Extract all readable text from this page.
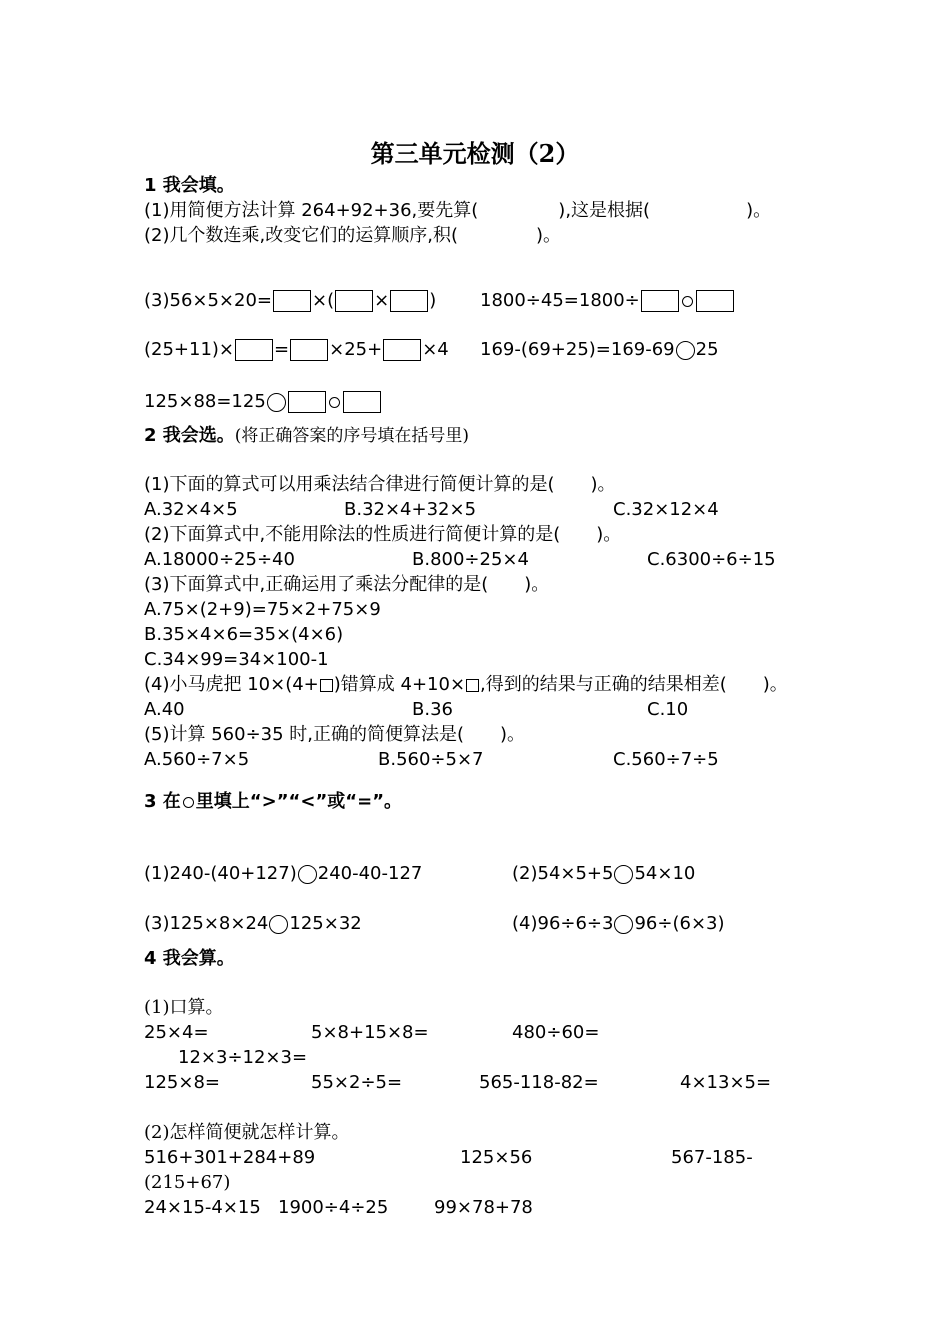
第三单元检测（2）
1 我会填。
(1)用简便方法计算 264+92+36,要先算(	),这是根据(	)。
(2)几个数连乘,改变它们的运算顺序,积(	)。
(3)56×5×20= ×( × ) 1800÷45=1800÷
(25+11)× = ×25+ ×4 169-(69+25)=169-69 25
125×88=125
2 我会选。(将正确答案的序号填在括号里)
(1)下面的算式可以用乘法结合律进行简便计算的是(　　)。
A.32×4×5	B.32×4+32×5	C.32×12×4
(2)下面算式中,不能用除法的性质进行简便计算的是(　　)。
A.18000÷25÷40	B.800÷25×4	C.6300÷6÷15
(3)下面算式中,正确运用了乘法分配律的是(　　)。
A.75×(2+9)=75×2+75×9
B.35×4×6=35×(4×6)
C.34×99=34×100-1
(4)小马虎把 10×(4+ )错算成 4+10× ,得到的结果与正确的结果相差(　　)。
A.40	B.36	C.10
(5)计算 560÷35 时,正确的简便算法是(　　)。
A.560÷7×5	B.560÷5×7	C.560÷7÷5
3 在 里填上“>”“<”或“=”。
(1)240-(40+127) 240-40-127	(2)54×5+5 54×10
(3)125×8×24 125×32	(4)96÷6÷3 96÷(6×3)
4 我会算。
(1)口算。
25×4=	5×8+15×8=	480÷60=
12×3÷12×3=
125×8=	55×2÷5=	565-118-82=	4×13×5=
(2)怎样简便就怎样计算。
516+301+284+89	125×56	567-185-
(215+67)
24×15-4×15 1900÷4÷25	99×78+78
